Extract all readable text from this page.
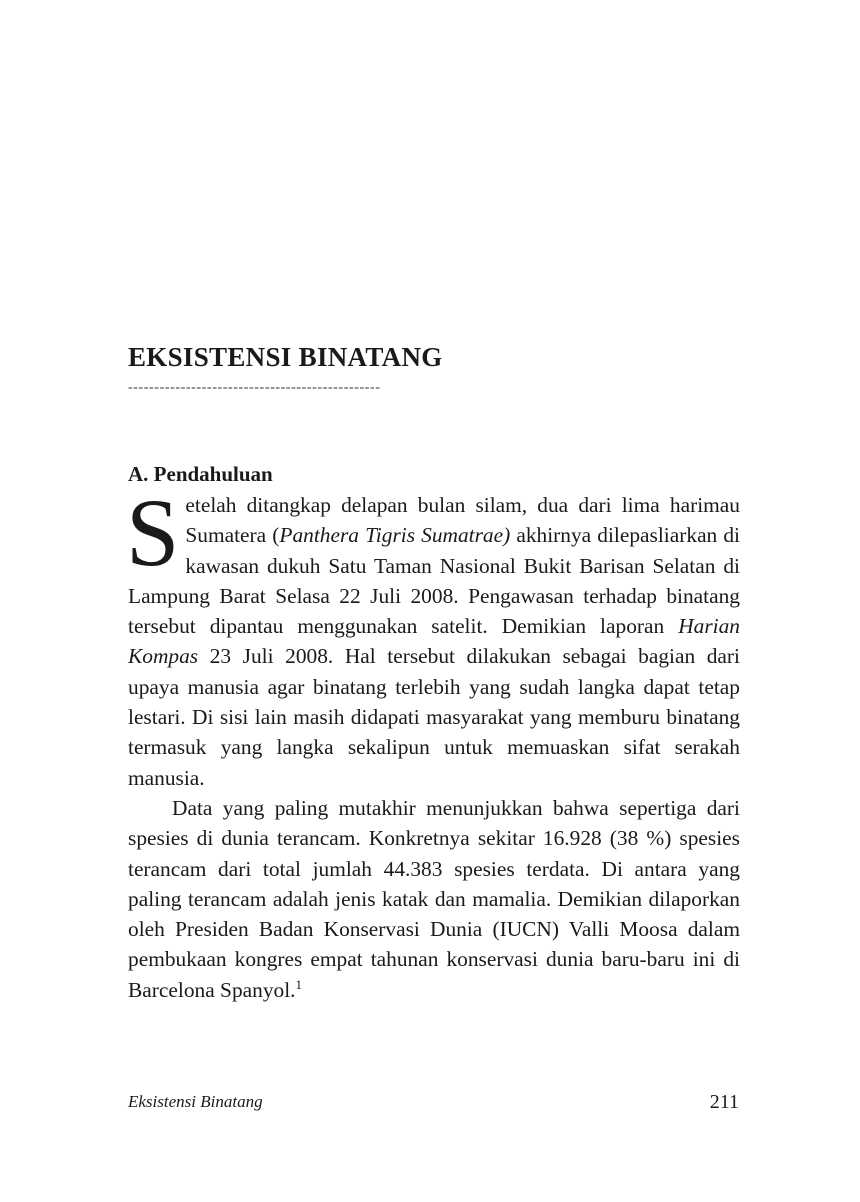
EKSISTENSI BINATANG
------------------------------------------------
A. Pendahuluan

Setelah ditangkap delapan bulan silam, dua dari lima harimau Sumatera (Panthera Tigris Sumatrae) akhirnya dilepasliarkan di kawasan dukuh Satu Taman Nasional Bukit Barisan Selatan di Lampung Barat Selasa 22 Juli 2008. Pengawasan terhadap binatang tersebut dipantau menggunakan satelit. Demikian laporan Harian Kompas 23 Juli 2008. Hal tersebut dilakukan sebagai bagian dari upaya manusia agar binatang terlebih yang sudah langka dapat tetap lestari. Di sisi lain masih didapati masyarakat yang memburu binatang termasuk yang langka sekalipun untuk memuaskan sifat serakah manusia.

Data yang paling mutakhir menunjukkan bahwa sepertiga dari spesies di dunia terancam. Konkretnya sekitar 16.928 (38 %) spesies terancam dari total jumlah 44.383 spesies terdata. Di antara yang paling terancam adalah jenis katak dan mamalia. Demikian dilaporkan oleh Presiden Badan Konservasi Dunia (IUCN) Valli Moosa dalam pembukaan kongres empat tahunan konservasi dunia baru-baru ini di Barcelona Spanyol.$^1$

Eksistensi Binatang	211
